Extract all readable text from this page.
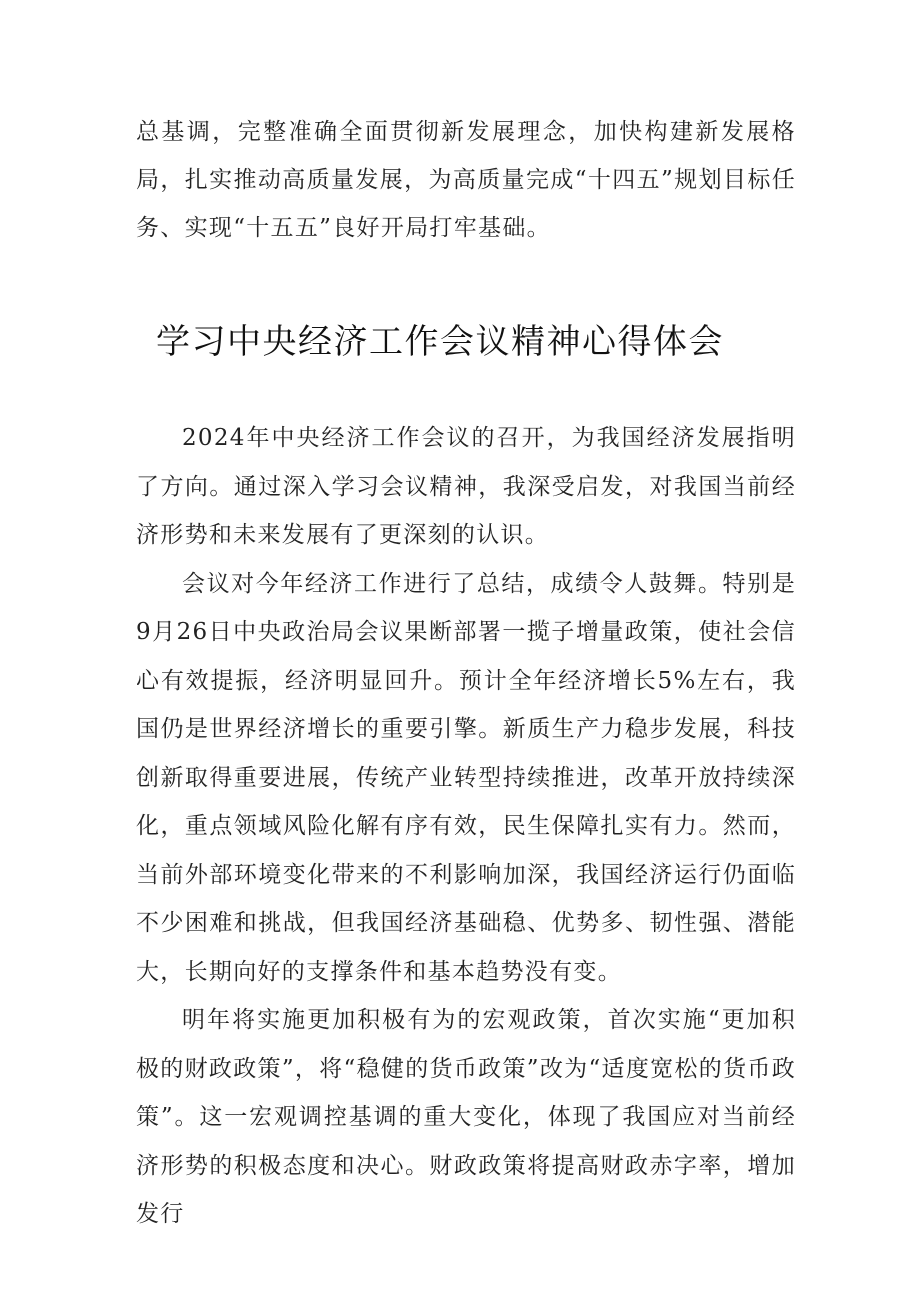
总基调，完整准确全面贯彻新发展理念，加快构建新发展格局，扎实推动高质量发展，为高质量完成“十四五”规划目标任务、实现“十五五”良好开局打牢基础。

学习中央经济工作会议精神心得体会

2024年中央经济工作会议的召开，为我国经济发展指明了方向。通过深入学习会议精神，我深受启发，对我国当前经济形势和未来发展有了更深刻的认识。

会议对今年经济工作进行了总结，成绩令人鼓舞。特别是9月26日中央政治局会议果断部署一揽子增量政策，使社会信心有效提振，经济明显回升。预计全年经济增长5%左右，我国仍是世界经济增长的重要引擎。新质生产力稳步发展，科技创新取得重要进展，传统产业转型持续推进，改革开放持续深化，重点领域风险化解有序有效，民生保障扎实有力。然而，当前外部环境变化带来的不利影响加深，我国经济运行仍面临不少困难和挑战，但我国经济基础稳、优势多、韧性强、潜能大，长期向好的支撑条件和基本趋势没有变。

明年将实施更加积极有为的宏观政策，首次实施“更加积极的财政政策”，将“稳健的货币政策”改为“适度宽松的货币政策”。这一宏观调控基调的重大变化，体现了我国应对当前经济形势的积极态度和决心。财政政策将提高财政赤字率，增加发行
